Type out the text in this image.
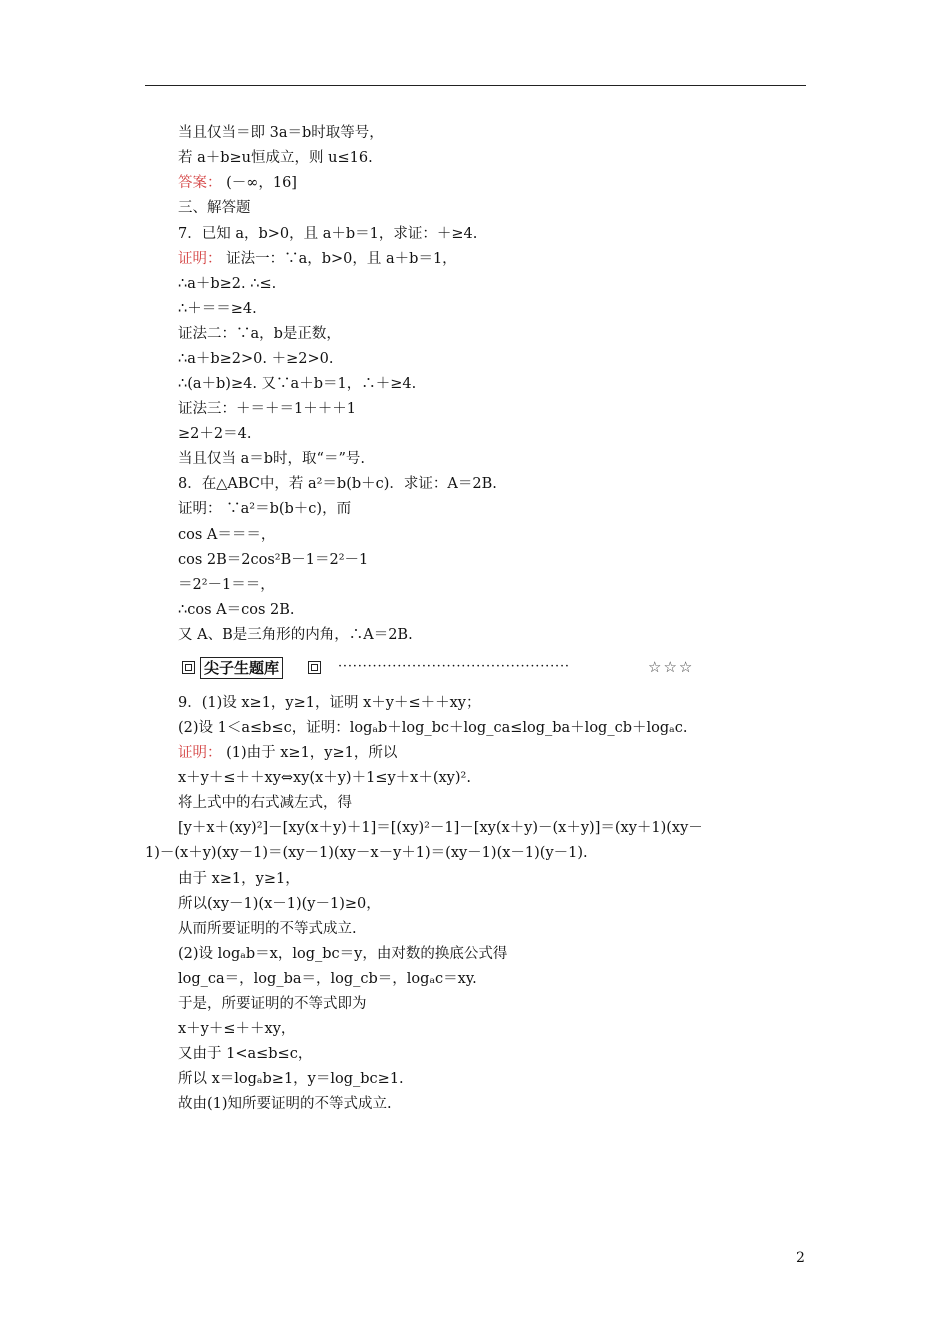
当且仅当＝即 3a＝b时取等号，
若 a＋b≥u恒成立，则 u≤16.
答案： (－∞，16]
三、解答题
7．已知 a，b>0，且 a＋b＝1，求证：＋≥4.
证明： 证法一：∵a，b>0，且 a＋b＝1，
∴a＋b≥2. ∴≤.
∴＋＝＝≥4.
证法二：∵a，b是正数，
∴a＋b≥2>0. ＋≥2>0.
∴(a＋b)≥4. 又∵a＋b＝1，∴＋≥4.
证法三：＋＝＋＝1＋＋＋1
≥2＋2＝4.
当且仅当 a＝b时，取“＝”号.
8．在△ABC中，若 a²＝b(b＋c)．求证：A＝2B.
证明： ∵a²＝b(b＋c)，而
cos A＝＝＝，
cos 2B＝2cos²B－1＝2²－1
＝2²－1＝＝，
∴cos A＝cos 2B.
又 A、B是三角形的内角，∴A＝2B.
尖子生题库	···············································	☆☆☆
9．(1)设 x≥1，y≥1，证明 x＋y＋≤＋＋xy；
(2)设 1＜a≤b≤c，证明：logₐb＋log_bc＋log_ca≤log_ba＋log_cb＋logₐc.
证明： (1)由于 x≥1，y≥1，所以
x＋y＋≤＋＋xy⇔xy(x＋y)＋1≤y＋x＋(xy)².
将上式中的右式减左式，得
[y＋x＋(xy)²]－[xy(x＋y)＋1]＝[(xy)²－1]－[xy(x＋y)－(x＋y)]＝(xy＋1)(xy－
1)－(x＋y)(xy－1)＝(xy－1)(xy－x－y＋1)＝(xy－1)(x－1)(y－1).
由于 x≥1，y≥1，
所以(xy－1)(x－1)(y－1)≥0，
从而所要证明的不等式成立.
(2)设 logₐb＝x，log_bc＝y，由对数的换底公式得
log_ca＝，log_ba＝，log_cb＝，logₐc＝xy.
于是，所要证明的不等式即为
x＋y＋≤＋＋xy，
又由于 1<a≤b≤c，
所以 x＝logₐb≥1，y＝log_bc≥1.
故由(1)知所要证明的不等式成立.
2
